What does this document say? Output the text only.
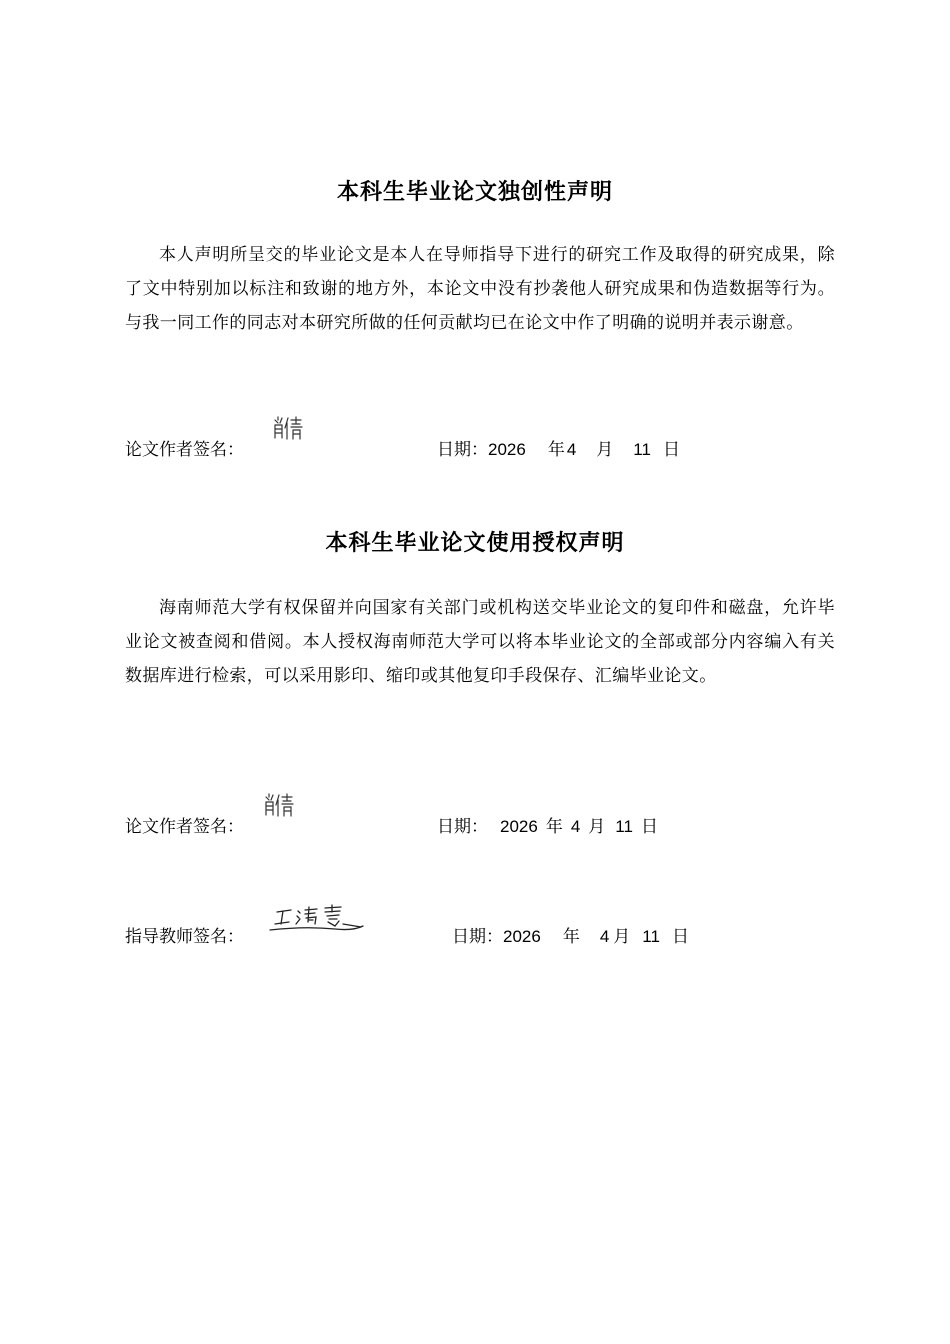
本科生毕业论文独创性声明
本人声明所呈交的毕业论文是本人在导师指导下进行的研究工作及取得的研究成果，除了文中特别加以标注和致谢的地方外，本论文中没有抄袭他人研究成果和伪造数据等行为。与我一同工作的同志对本研究所做的任何贡献均已在论文中作了明确的说明并表示谢意。
论文作者签名：	日期：2026 年 4 月 11 日
本科生毕业论文使用授权声明
海南师范大学有权保留并向国家有关部门或机构送交毕业论文的复印件和磁盘，允许毕业论文被查阅和借阅。本人授权海南师范大学可以将本毕业论文的全部或部分内容编入有关数据库进行检索，可以采用影印、缩印或其他复印手段保存、汇编毕业论文。
论文作者签名：	日期： 2026 年 4 月 11 日
指导教师签名：	日期：2026 年 4 月 11 日
